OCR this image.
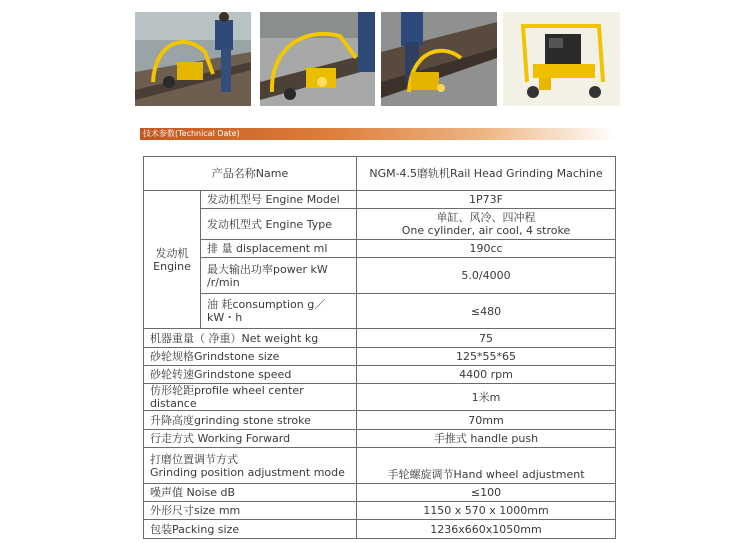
技术参数(Technical Date)
产品名称Name		NGM-4.5磨轨机Rail Head Grinding Machine

发动机
Engine	发动机型号 Engine Model	1P73F
	发动机型式 Engine Type	单缸、风冷、四冲程
One cylinder, air cool, 4 stroke

	排 量 displacement ml	190cc
	最大输出功率power kW /r/min	5.0/4000
	油 耗consumption g／kW・h	≤480
机器重量（ 净重）Net weight kg		75
砂轮规格Grindstone size		125*55*65
砂轮转速Grindstone speed		4400 rpm
仿形轮距profile wheel center distance		1米m
升降高度grinding stone stroke		70mm
行走方式 Working Forward		手推式 handle push

打磨位置调节方式
Grinding position adjustment mode		手轮螺旋调节Hand wheel adjustment
噪声值 Noise dB		≤100
外形尺寸size mm		1150 x 570 x 1000mm
包装Packing size		1236x660x1050mm
